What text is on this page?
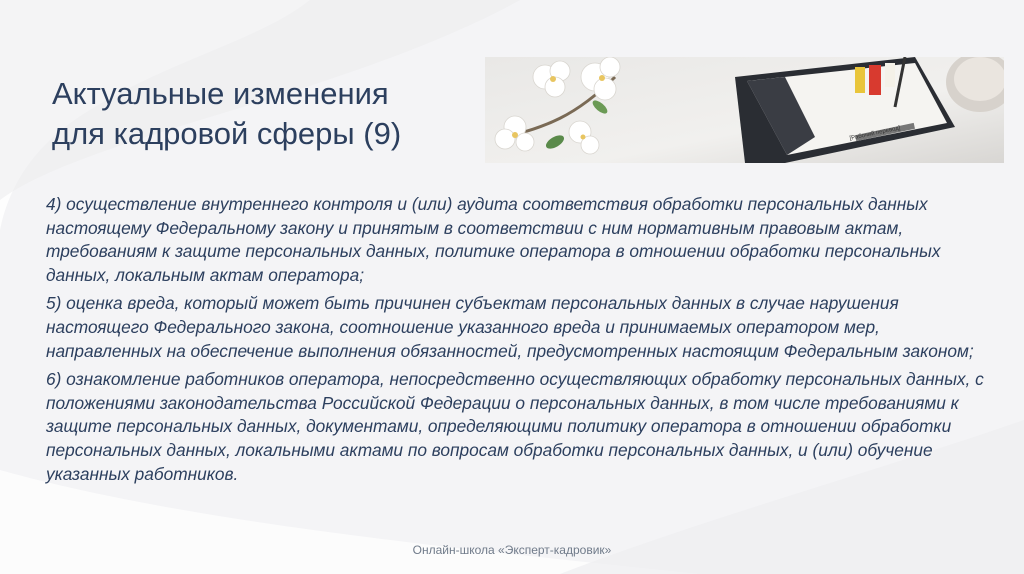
Актуальные изменения
для кадровой сферы (9)	[Рабочий перевод]

4) осуществление внутреннего контроля и (или) аудита соответствия обработки персональных данных настоящему Федеральному закону и принятым в соответствии с ним нормативным правовым актам, требованиям к защите персональных данных, политике оператора в отношении обработки персональных данных, локальным актам оператора;

5) оценка вреда, который может быть причинен субъектам персональных данных в случае нарушения настоящего Федерального закона, соотношение указанного вреда и принимаемых оператором мер, направленных на обеспечение выполнения обязанностей, предусмотренных настоящим Федеральным законом;

6) ознакомление работников оператора, непосредственно осуществляющих обработку персональных данных, с положениями законодательства Российской Федерации о персональных данных, в том числе требованиями к защите персональных данных, документами, определяющими политику оператора в отношении обработки персональных данных, локальными актами по вопросам обработки персональных данных, и (или) обучение указанных работников.

Онлайн-школа «Эксперт-кадровик»
